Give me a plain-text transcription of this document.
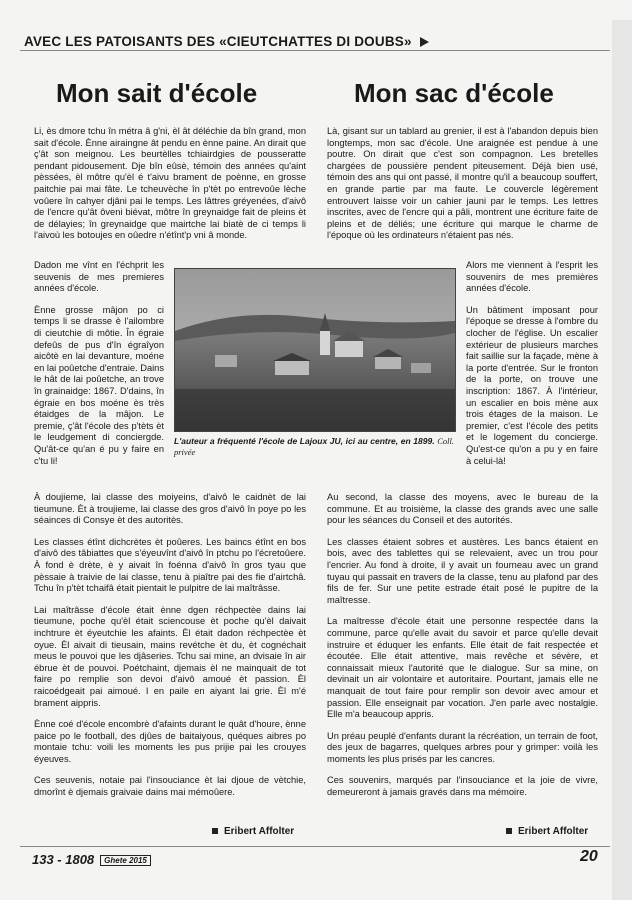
AVEC LES PATOISANTS DES «CIEUTCHATTES DI DOUBS»
Mon sait d'école	Mon sac d'école

Li, ès dmore tchu în métra â g'ni, èl ât déléchie da bîn grand, mon sait d'école. Ènne airaingne ât pendu en ènne paine. An dirait que ç'ât son meignou. Les beurtèlles tchiairdgies de pousseratte pendant pidousement. Dje bîn eûsè, témoin des années qu'aint pèssées, èl môtre qu'èl é t'aivu brament de poènne, en grosse paitchie pai mai fâte. Le tcheuvèche în p'tèt po entrevoûe lèche voûere în cahyer djâni pai le temps. Les lâttres gréyenées, d'aivô de l'encre qu'ât ôveni biévat, môtre în greynaidge fait de pleins èt de délayies; în greynaidge que mairtche lai biatè de ci temps li l'aivoù les botoujes en oûedre n'étînt'p vni â monde.

Là, gisant sur un tablard au grenier, il est à l'abandon depuis bien longtemps, mon sac d'école. Une araignée est pendue à une poutre. On dirait que c'est son compagnon. Les bretelles chargées de poussière pendent piteusement. Déjà bien usé, témoin des ans qui ont passé, il montre qu'il a beaucoup souffert, en grande partie par ma faute. Le couvercle légèrement entrouvert laisse voir un cahier jauni par le temps. Les lettres inscrites, avec de l'encre qui a pâli, montrent une écriture faite de pleins et de déliés; une écriture qui marque le charme de l'époque où les ordinateurs n'étaient pas nés.

Dadon me vînt en l'échprit les seuvenis de mes premieres années d'école.

Ènne grosse mâjon po ci temps li se drasse è l'ailombre di cieutchie di môtie. În égraie defeûs de pus d'în égraîyon aicôtè en lai devanture, moéne en lai poûetche d'entraie. Dains le hât de lai poûetche, an trove în grainaidge: 1867. D'dains, în égraie en bos moéne ès très étaidges de la mâjon. Le premie, ç'ât l'école des p'tèts èt le leudgement di conciergde. Qu'ât-ce qu'an é pu y faire en c'tu li!

Alors me viennent à l'esprit les souvenirs de mes premières années d'école.

Un bâtiment imposant pour l'époque se dresse à l'ombre du clocher de l'église. Un escalier extérieur de plusieurs marches fait saillie sur la façade, mène à la porte d'entrée. Sur le fronton de la porte, on trouve une inscription: 1867. À l'intérieur, un escalier en bois mène aux trois étages de la maison. Le premier, c'est l'école des petits et le logement du concierge. Qu'est-ce qu'on a pu y en faire à celui-là!

L'auteur a fréquenté l'école de Lajoux JU, ici au centre, en 1899. Coll. privée

À doujieme, lai classe des moiyeins, d'aivô le caidnèt de lai tieumune. Èt à troujieme, lai classe des gros d'aivô în poye po les séainces di Consye èt des autoritès.

Les classes étînt dichcrètes èt poûeres. Les baincs étînt en bos d'aivô des tâbiattes que s'éyeuvînt d'aivô în ptchu po l'écretoûere. À fond è drète, è y aivait în foénna d'aivô în gros tyau que pèssaie à traivie de lai classe, tenu à piaître pai des fie d'airtchâ. Tchu în p'tèt tchaifâ était pientait le pulpitre de lai maîtrâsse.

Lai maîtrâsse d'école était ènne dgen réchpectèe dains lai tieumune, poche qu'èl était sciencouse èt poche qu'èl daivait inchtrure èt éyeutchie les afaints. Èl était dadon réchpectèe èt oyue. Èl aivait di tieusain, mains revétche èt du, èt cognéchait meus le pouvoi que les djâseries. Tchu sai mine, an dvisaie în air ébrue èt de pouvoi. Poétchaint, djemais èl ne mainquait de tot faire po remplie son devoi d'aivô amoué èt passion. Èl raicoédgeait pai aimoué. I en paile en aiyant lai grie. Èl m'é brament aippris.

Ènne coé d'école encombrè d'afaints durant le quât d'houre, ènne paice po le football, des djûes de baitaiyous, quéques aibres po montaie tchu: voili les moments les pus prijie pai les crouyes éyeuves.

Ces seuvenis, notaie pai l'insouciance èt lai djoue de vètchie, dmorînt è djemais graivaie dains mai mémoûere.

Au second, la classe des moyens, avec le bureau de la commune. Et au troisième, la classe des grands avec une salle pour les séances du Conseil et des autorités.

Les classes étaient sobres et austères. Les bancs étaient en bois, avec des tablettes qui se relevaient, avec un trou pour l'encrier. Au fond à droite, il y avait un fourneau avec un grand tuyau qui passait en travers de la classe, tenu au plafond par des fils de fer. Sur une petite estrade était posé le pupitre de la maîtresse.

La maîtresse d'école était une personne respectée dans la commune, parce qu'elle avait du savoir et parce qu'elle devait instruire et éduquer les enfants. Elle était de fait respectée et écoutée. Elle était attentive, mais revêche et sévère, et connaissait mieux l'autorité que le dialogue. Sur sa mine, on devinait un air volontaire et autoritaire. Pourtant, jamais elle ne manquait de tout faire pour remplir son devoir avec amour et passion. Elle enseignait par vocation. J'en parle avec nostalgie. Elle m'a beaucoup appris.

Un préau peuplé d'enfants durant la récréation, un terrain de foot, des jeux de bagarres, quelques arbres pour y grimper: voilà les moments les plus prisés par les cancres.

Ces souvenirs, marqués par l'insouciance et la joie de vivre, demeureront à jamais gravés dans ma mémoire.

Eribert Affolter	Eribert Affolter
133 - 1808 Ghete 2015	20
